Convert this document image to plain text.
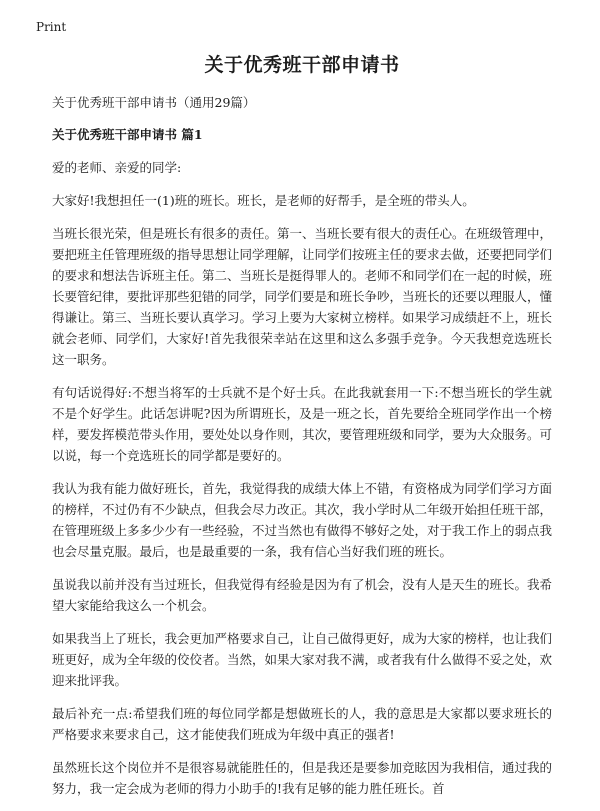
Print
关于优秀班干部申请书

关于优秀班干部申请书（通用29篇）

关于优秀班干部申请书 篇1

爱的老师、亲爱的同学:

大家好!我想担任一(1)班的班长。班长，是老师的好帮手，是全班的带头人。

当班长很光荣，但是班长有很多的责任。第一、当班长要有很大的责任心。在班级管理中，要把班主任管理班级的指导思想让同学理解，让同学们按班主任的要求去做，还要把同学们的要求和想法告诉班主任。第二、当班长是挺得罪人的。老师不和同学们在一起的时候，班长要管纪律，要批评那些犯错的同学，同学们要是和班长争吵，当班长的还要以理服人，懂得谦让。第三、当班长要认真学习。学习上要为大家树立榜样。如果学习成绩赶不上，班长就会老师、同学们，大家好!首先我很荣幸站在这里和这么多强手竞争。今天我想竞选班长这一职务。

有句话说得好:不想当将军的士兵就不是个好士兵。在此我就套用一下:不想当班长的学生就不是个好学生。此话怎讲呢?因为所谓班长，及是一班之长，首先要给全班同学作出一个榜样，要发挥模范带头作用，要处处以身作则，其次，要管理班级和同学，要为大众服务。可以说，每一个竞选班长的同学都是要好的。

我认为我有能力做好班长，首先，我觉得我的成绩大体上不错，有资格成为同学们学习方面的榜样，不过仍有不少缺点，但我会尽力改正。其次，我小学时从二年级开始担任班干部，在管理班级上多多少少有一些经验，不过当然也有做得不够好之处，对于我工作上的弱点我也会尽量克服。最后，也是最重要的一条，我有信心当好我们班的班长。

虽说我以前并没有当过班长，但我觉得有经验是因为有了机会，没有人是天生的班长。我希望大家能给我这么一个机会。

如果我当上了班长，我会更加严格要求自己，让自己做得更好，成为大家的榜样，也让我们班更好，成为全年级的佼佼者。当然，如果大家对我不满，或者我有什么做得不妥之处，欢迎来批评我。

最后补充一点:希望我们班的每位同学都是想做班长的人，我的意思是大家都以要求班长的严格要求来要求自己，这才能使我们班成为年级中真正的强者!

虽然班长这个岗位并不是很容易就能胜任的，但是我还是要参加竞眩因为我相信，通过我的努力，我一定会成为老师的得力小助手的!我有足够的能力胜任班长。首
